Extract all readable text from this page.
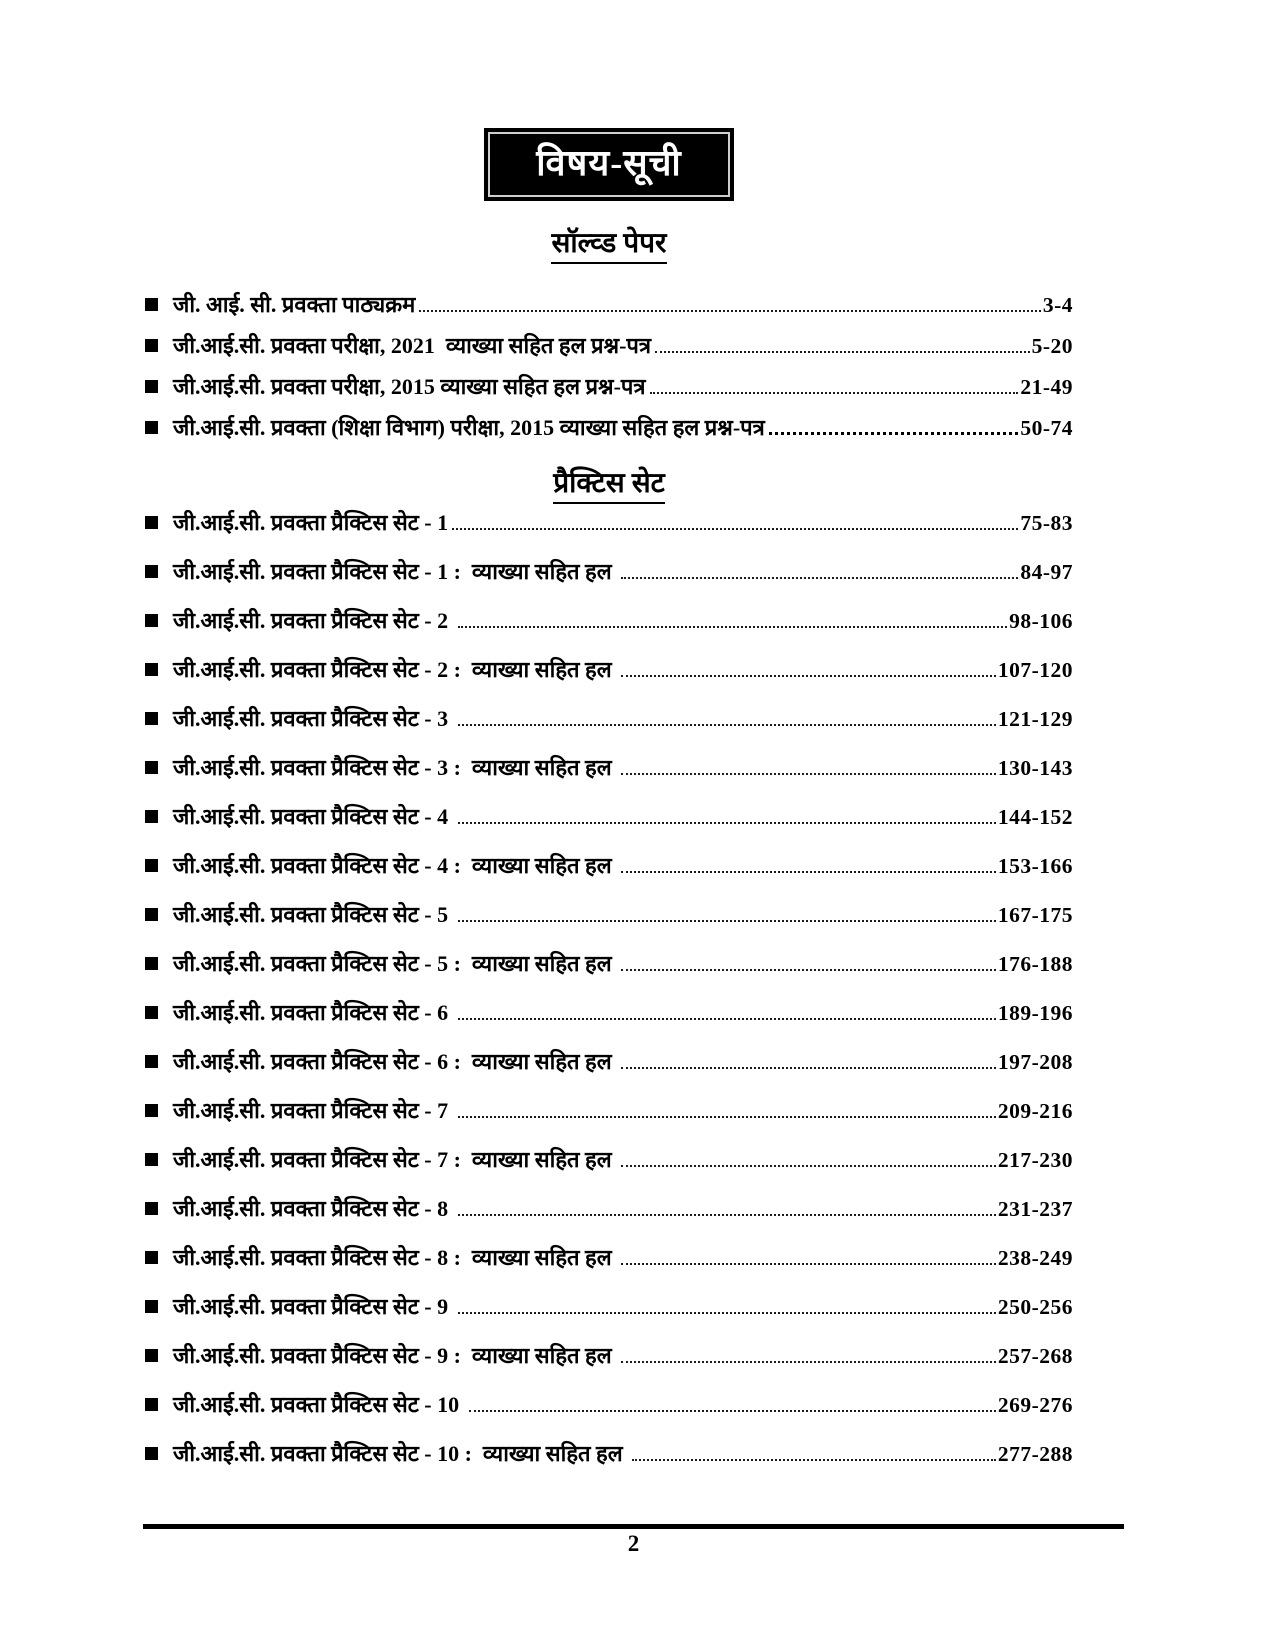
विषय-सूची
सॉल्व्ड पेपर
जी. आई. सी. प्रवक्ता पाठ्यक्रम	3-4
जी.आई.सी. प्रवक्ता परीक्षा, 2021  व्याख्या सहित हल प्रश्न-पत्र	5-20
जी.आई.सी. प्रवक्ता परीक्षा, 2015 व्याख्या सहित हल प्रश्न-पत्र	21-49
जी.आई.सी. प्रवक्ता (शिक्षा विभाग) परीक्षा, 2015 व्याख्या सहित हल प्रश्न-पत्र	50-74
प्रैक्टिस सेट
जी.आई.सी. प्रवक्ता प्रैक्टिस सेट - 1	75-83
जी.आई.सी. प्रवक्ता प्रैक्टिस सेट - 1 :  व्याख्या सहित हल	84-97
जी.आई.सी. प्रवक्ता प्रैक्टिस सेट - 2	98-106
जी.आई.सी. प्रवक्ता प्रैक्टिस सेट - 2 :  व्याख्या सहित हल	107-120
जी.आई.सी. प्रवक्ता प्रैक्टिस सेट - 3	121-129
जी.आई.सी. प्रवक्ता प्रैक्टिस सेट - 3 :  व्याख्या सहित हल	130-143
जी.आई.सी. प्रवक्ता प्रैक्टिस सेट - 4	144-152
जी.आई.सी. प्रवक्ता प्रैक्टिस सेट - 4 :  व्याख्या सहित हल	153-166
जी.आई.सी. प्रवक्ता प्रैक्टिस सेट - 5	167-175
जी.आई.सी. प्रवक्ता प्रैक्टिस सेट - 5 :  व्याख्या सहित हल	176-188
जी.आई.सी. प्रवक्ता प्रैक्टिस सेट - 6	189-196
जी.आई.सी. प्रवक्ता प्रैक्टिस सेट - 6 :  व्याख्या सहित हल	197-208
जी.आई.सी. प्रवक्ता प्रैक्टिस सेट - 7	209-216
जी.आई.सी. प्रवक्ता प्रैक्टिस सेट - 7 :  व्याख्या सहित हल	217-230
जी.आई.सी. प्रवक्ता प्रैक्टिस सेट - 8	231-237
जी.आई.सी. प्रवक्ता प्रैक्टिस सेट - 8 :  व्याख्या सहित हल	238-249
जी.आई.सी. प्रवक्ता प्रैक्टिस सेट - 9	250-256
जी.आई.सी. प्रवक्ता प्रैक्टिस सेट - 9 :  व्याख्या सहित हल	257-268
जी.आई.सी. प्रवक्ता प्रैक्टिस सेट - 10	269-276
जी.आई.सी. प्रवक्ता प्रैक्टिस सेट - 10 :  व्याख्या सहित हल	277-288
2
